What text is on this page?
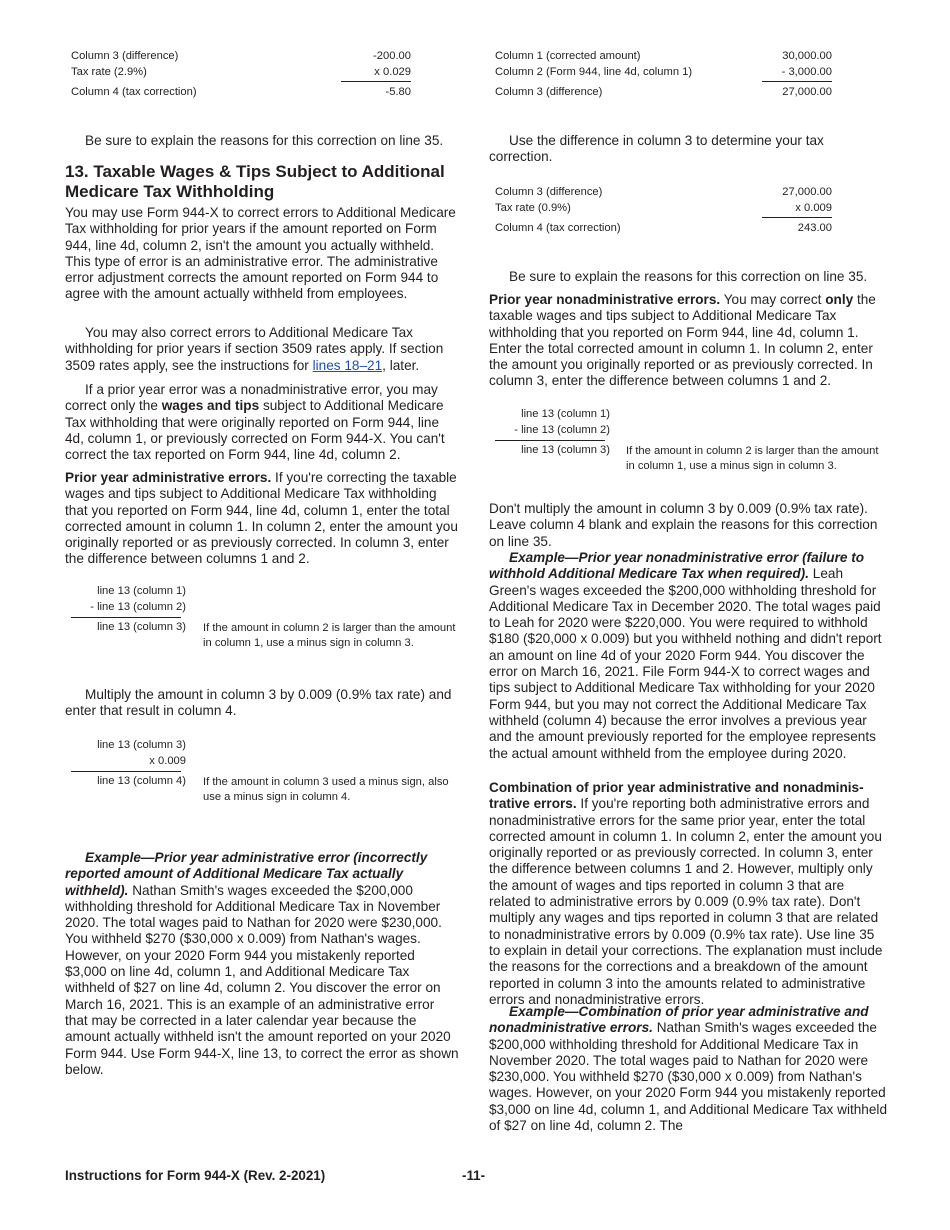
Column 3 (difference)	-200.00
Tax rate (2.9%)	x 0.029
Column 4 (tax correction)	-5.80

Be sure to explain the reasons for this correction on line 35.

13. Taxable Wages & Tips Subject to Additional Medicare Tax Withholding

You may use Form 944-X to correct errors to Additional Medicare Tax withholding for prior years if the amount reported on Form 944, line 4d, column 2, isn't the amount you actually withheld. This type of error is an administrative error. The administrative error adjustment corrects the amount reported on Form 944 to agree with the amount actually withheld from employees.

You may also correct errors to Additional Medicare Tax withholding for prior years if section 3509 rates apply. If section 3509 rates apply, see the instructions for lines 18–21, later.

If a prior year error was a nonadministrative error, you may correct only the wages and tips subject to Additional Medicare Tax withholding that were originally reported on Form 944, line 4d, column 1, or previously corrected on Form 944-X. You can't correct the tax reported on Form 944, line 4d, column 2.

Prior year administrative errors. If you're correcting the taxable wages and tips subject to Additional Medicare Tax withholding that you reported on Form 944, line 4d, column 1, enter the total corrected amount in column 1. In column 2, enter the amount you originally reported or as previously corrected. In column 3, enter the difference between columns 1 and 2.

line 13 (column 1)
- line 13 (column 2)
line 13 (column 3) If the amount in column 2 is larger than the amount in column 1, use a minus sign in column 3.

Multiply the amount in column 3 by 0.009 (0.9% tax rate) and enter that result in column 4.

line 13 (column 3)
x 0.009
line 13 (column 4) If the amount in column 3 used a minus sign, also use a minus sign in column 4.

Example—Prior year administrative error (incorrectly reported amount of Additional Medicare Tax actually withheld). Nathan Smith's wages exceeded the $200,000 withholding threshold for Additional Medicare Tax in November 2020. The total wages paid to Nathan for 2020 were $230,000. You withheld $270 ($30,000 x 0.009) from Nathan's wages. However, on your 2020 Form 944 you mistakenly reported $3,000 on line 4d, column 1, and Additional Medicare Tax withheld of $27 on line 4d, column 2. You discover the error on March 16, 2021. This is an example of an administrative error that may be corrected in a later calendar year because the amount actually withheld isn't the amount reported on your 2020 Form 944. Use Form 944-X, line 13, to correct the error as shown below.

Column 1 (corrected amount)	30,000.00
Column 2 (Form 944, line 4d, column 1)	- 3,000.00
Column 3 (difference)	27,000.00

Use the difference in column 3 to determine your tax correction.

Column 3 (difference)	27,000.00
Tax rate (0.9%)	x 0.009
Column 4 (tax correction)	243.00

Be sure to explain the reasons for this correction on line 35.

Prior year nonadministrative errors. You may correct only the taxable wages and tips subject to Additional Medicare Tax withholding that you reported on Form 944, line 4d, column 1. Enter the total corrected amount in column 1. In column 2, enter the amount you originally reported or as previously corrected. In column 3, enter the difference between columns 1 and 2.

line 13 (column 1)
- line 13 (column 2)
line 13 (column 3) If the amount in column 2 is larger than the amount in column 1, use a minus sign in column 3.

Don't multiply the amount in column 3 by 0.009 (0.9% tax rate). Leave column 4 blank and explain the reasons for this correction on line 35.

Example—Prior year nonadministrative error (failure to withhold Additional Medicare Tax when required). Leah Green's wages exceeded the $200,000 withholding threshold for Additional Medicare Tax in December 2020. The total wages paid to Leah for 2020 were $220,000. You were required to withhold $180 ($20,000 x 0.009) but you withheld nothing and didn't report an amount on line 4d of your 2020 Form 944. You discover the error on March 16, 2021. File Form 944-X to correct wages and tips subject to Additional Medicare Tax withholding for your 2020 Form 944, but you may not correct the Additional Medicare Tax withheld (column 4) because the error involves a previous year and the amount previously reported for the employee represents the actual amount withheld from the employee during 2020.

Combination of prior year administrative and nonadminis-trative errors. If you're reporting both administrative errors and nonadministrative errors for the same prior year, enter the total corrected amount in column 1. In column 2, enter the amount you originally reported or as previously corrected. In column 3, enter the difference between columns 1 and 2. However, multiply only the amount of wages and tips reported in column 3 that are related to administrative errors by 0.009 (0.9% tax rate). Don't multiply any wages and tips reported in column 3 that are related to nonadministrative errors by 0.009 (0.9% tax rate). Use line 35 to explain in detail your corrections. The explanation must include the reasons for the corrections and a breakdown of the amount reported in column 3 into the amounts related to administrative errors and nonadministrative errors.

Example—Combination of prior year administrative and nonadministrative errors. Nathan Smith's wages exceeded the $200,000 withholding threshold for Additional Medicare Tax in November 2020. The total wages paid to Nathan for 2020 were $230,000. You withheld $270 ($30,000 x 0.009) from Nathan's wages. However, on your 2020 Form 944 you mistakenly reported $3,000 on line 4d, column 1, and Additional Medicare Tax withheld of $27 on line 4d, column 2. The

Instructions for Form 944-X (Rev. 2-2021)	-11-
